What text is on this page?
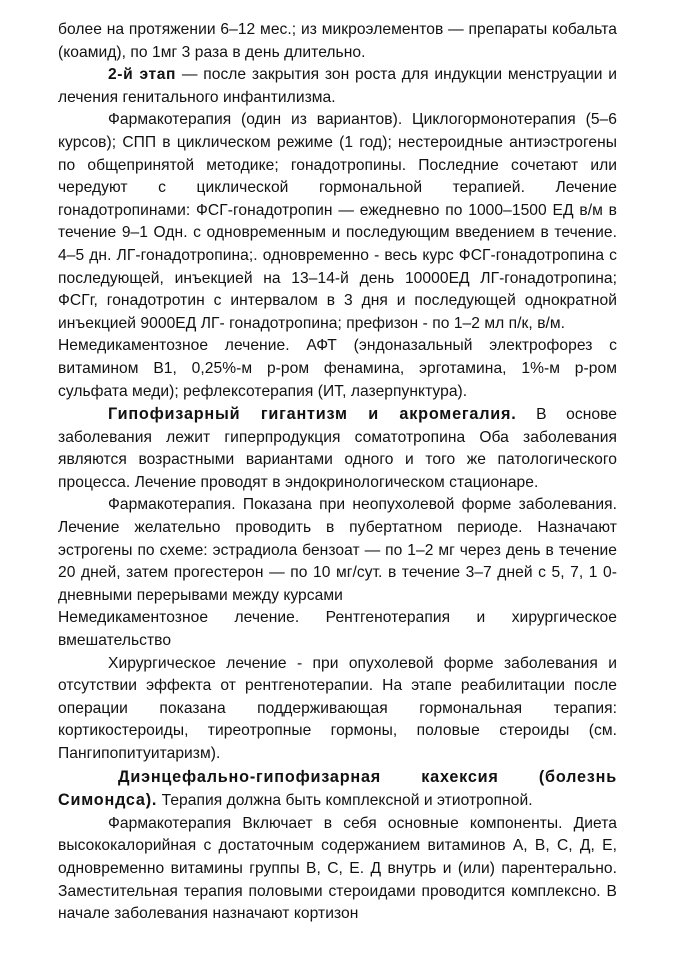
более на протяжении 6–12 мес.; из микроэлементов — препараты кобальта (коамид), по 1мг 3 раза в день длительно.

2-й этап — после закрытия зон роста для индукции менструации и лечения генитального инфантилизма.

Фармакотерапия (один из вариантов). Циклогормонотерапия (5–6 курсов); СПП в циклическом режиме (1 год); нестероидные антиэстрогены по общепринятой методике; гонадотропины. Последние сочетают или чередуют с циклической гормональной терапией. Лечение гонадотропинами: ФСГ-гонадотропин — ежедневно по 1000–1500 ЕД в/м в течение 9–1 Одн. с одновременным и последующим введением в течение. 4–5 дн. ЛГ-гонадотропина;. одновременно - весь курс ФСГ-гонадотропина с последующей, инъекцией на 13–14-й день 10000ЕД ЛГ-гонадотропина; ФСГг, гонадотротин с интервалом в 3 дня и последующей однократной инъекцией 9000ЕД ЛГ- гонадотропина; префизон - по 1–2 мл п/к, в/м.

Немедикаментозное лечение. АФТ (эндоназальный электрофорез с витамином B1, 0,25%-м р-ром фенамина, эрготамина, 1%-м р-ром сульфата меди); рефлексотерапия (ИТ, лазерпунктура).

Гипофизарный гигантизм и акромегалия. В основе заболевания лежит гиперпродукция соматотропина Оба заболевания являются возрастными вариантами одного и того же патологического процесса. Лечение проводят в эндокринологическом стационаре.

Фармакотерапия. Показана при неопухолевой форме заболевания. Лечение желательно проводить в пубертатном периоде. Назначают эстрогены по схеме: эстрадиола бензоат — по 1–2 мг через день в течение 20 дней, затем прогестерон — по 10 мг/сут. в течение 3–7 дней с 5, 7, 1 0-дневными перерывами между курсами

Немедикаментозное лечение. Рентгенотерапия и хирургическое вмешательство

Хирургическое лечение - при опухолевой форме заболевания и отсутствии эффекта от рентгенотерапии. На этапе реабилитации после операции показана поддерживающая гормональная терапия: кортикостероиды, тиреотропные гормоны, половые стероиды (см. Пангипопитуитаризм).

Диэнцефально-гипофизарная кахексия (болезнь Симондса). Терапия должна быть комплексной и этиотропной.

Фармакотерапия Включает в себя основные компоненты. Диета высококалорийная с достаточным содержанием витаминов А, В, С, Д, Е, одновременно витамины группы В, С, Е. Д внутрь и (или) парентерально. Заместительная терапия половыми стероидами проводится комплексно. В начале заболевания назначают кортизон
